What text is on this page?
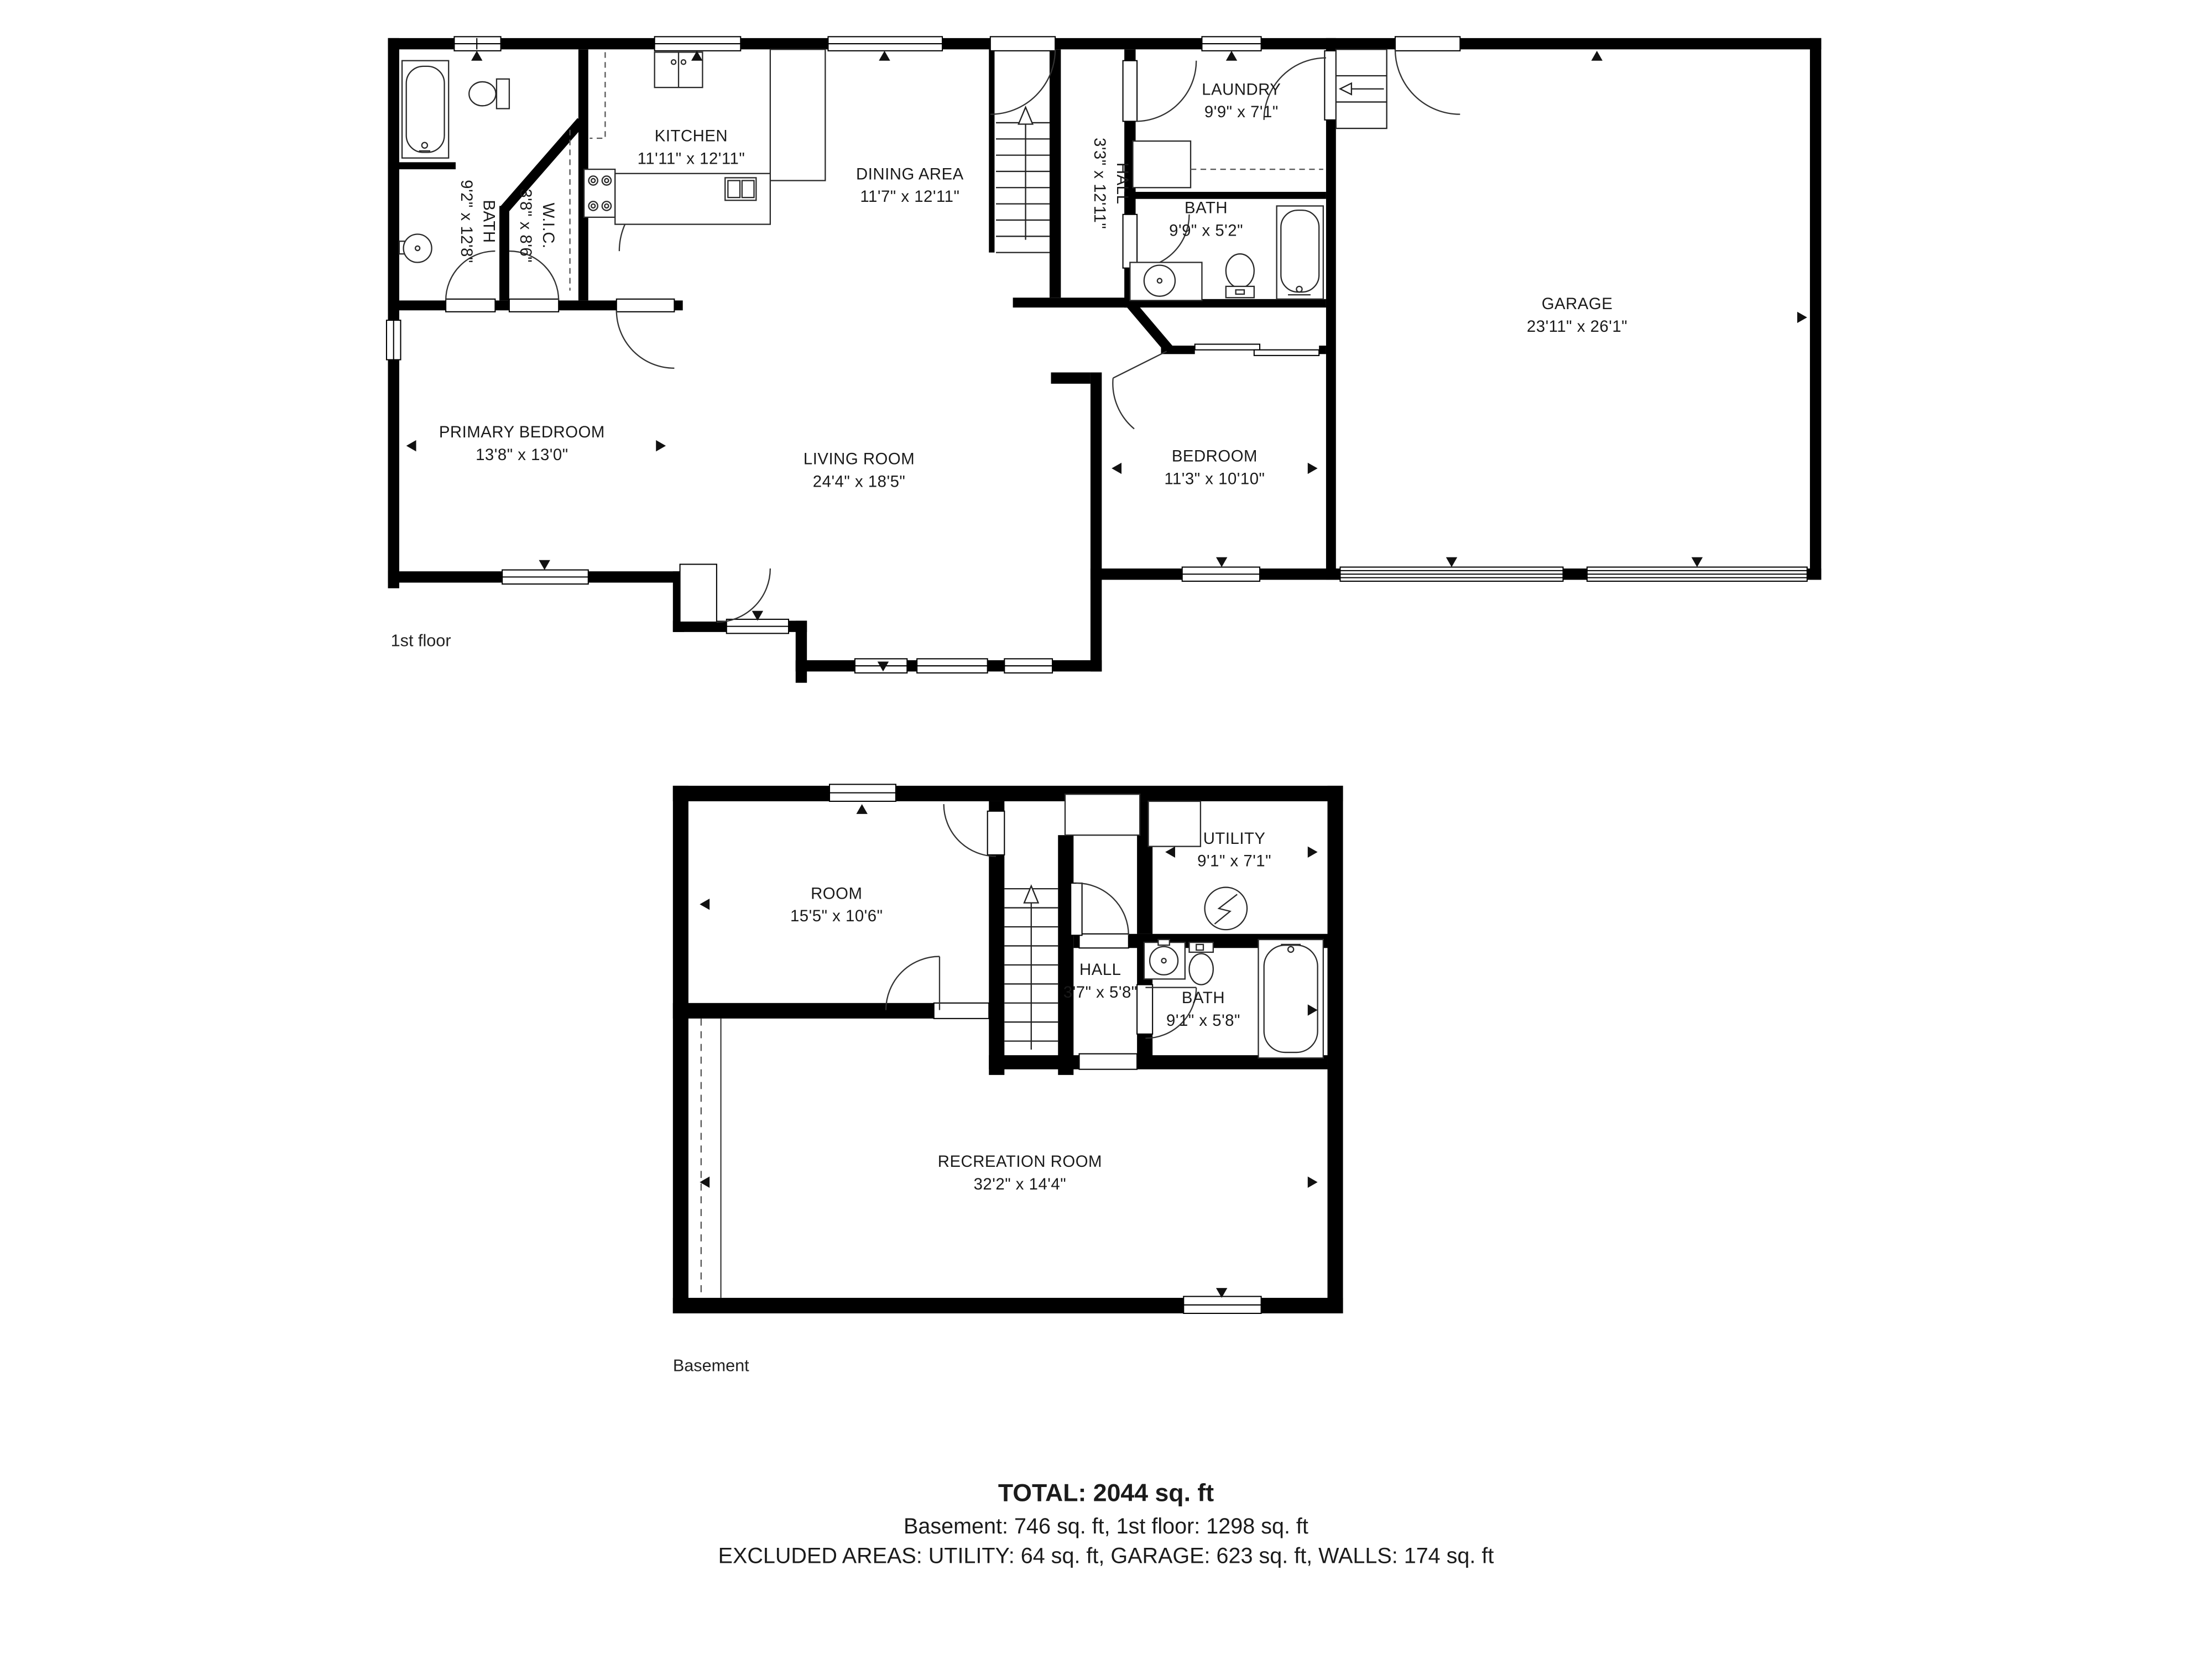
KITCHEN
11'11" x 12'11"
DINING AREA
11'7" x 12'11"
LAUNDRY
9'9" x 7'1"
HALL
3'3" x 12'11"	BATH
9'9" x 5'2"
GARAGE
23'11" x 26'1"
PRIMARY BEDROOM
13'8" x 13'0"	LIVING ROOM
24'4" x 18'5"
BEDROOM
11'3" x 10'10"
BATH
9'2" x 12'8"	W.I.C.
3'8" x 8'6"
1st floor
ROOM
15'5" x 10'6"
UTILITY
9'1" x 7'1"
HALL
3'7" x 5'8"	BATH
9'1" x 5'8"
RECREATION ROOM
32'2" x 14'4"
Basement
TOTAL: 2044 sq. ft
Basement: 746 sq. ft, 1st floor: 1298 sq. ft
EXCLUDED AREAS: UTILITY: 64 sq. ft, GARAGE: 623 sq. ft, WALLS: 174 sq. ft
